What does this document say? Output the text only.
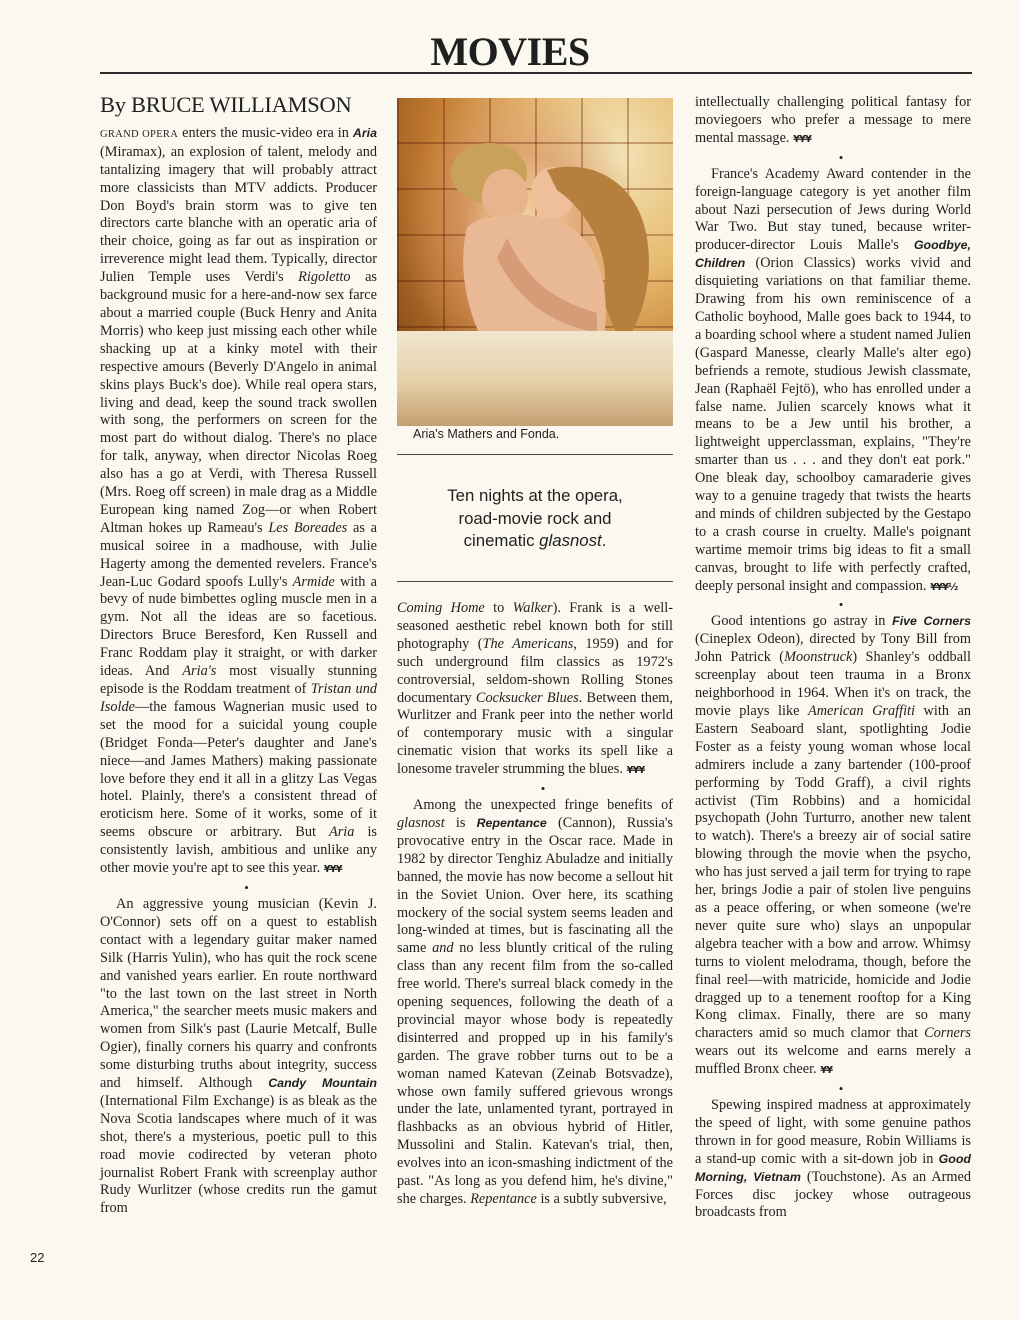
MOVIES
By BRUCE WILLIAMSON

GRAND OPERA enters the music-video era in Aria (Miramax), an explosion of talent, melody and tantalizing imagery that will probably attract more classicists than MTV addicts. Producer Don Boyd's brain storm was to give ten directors carte blanche with an operatic aria of their choice, going as far out as inspiration or irreverence might lead them. Typically, director Julien Temple uses Verdi's Rigoletto as background music for a here-and-now sex farce about a married couple (Buck Henry and Anita Morris) who keep just missing each other while shacking up at a kinky motel with their respective amours (Beverly D'Angelo in animal skins plays Buck's doe). While real opera stars, living and dead, keep the sound track swollen with song, the performers on screen for the most part do without dialog. There's no place for talk, anyway, when director Nicolas Roeg also has a go at Verdi, with Theresa Russell (Mrs. Roeg off screen) in male drag as a Middle European king named Zog—or when Robert Altman hokes up Rameau's Les Boreades as a musical soiree in a madhouse, with Julie Hagerty among the demented revelers. France's Jean-Luc Godard spoofs Lully's Armide with a bevy of nude bimbettes ogling muscle men in a gym. Not all the ideas are so facetious. Directors Bruce Beresford, Ken Russell and Franc Roddam play it straight, or with darker ideas. And Aria's most visually stunning episode is the Roddam treatment of Tristan und Isolde—the famous Wagnerian music used to set the mood for a suicidal young couple (Bridget Fonda—Peter's daughter and Jane's niece—and James Mathers) making passionate love before they end it all in a glitzy Las Vegas hotel. Plainly, there's a consistent thread of eroticism here. Some of it works, some of it seems obscure or arbitrary. But Aria is consistently lavish, ambitious and unlike any other movie you're apt to see this year. ¥¥¥

•

An aggressive young musician (Kevin J. O'Connor) sets off on a quest to establish contact with a legendary guitar maker named Silk (Harris Yulin), who has quit the rock scene and vanished years earlier. En route northward "to the last town on the last street in North America," the searcher meets music makers and women from Silk's past (Laurie Metcalf, Bulle Ogier), finally corners his quarry and confronts some disturbing truths about integrity, success and himself. Although Candy Mountain (International Film Exchange) is as bleak as the Nova Scotia landscapes where much of it was shot, there's a mysterious, poetic pull to this road movie codirected by veteran photo journalist Robert Frank with screenplay author Rudy Wurlitzer (whose credits run the gamut from

Aria's Mathers and Fonda.

Ten nights at the opera,
road-movie rock and
cinematic glasnost.

Coming Home to Walker). Frank is a well-seasoned aesthetic rebel known both for still photography (The Americans, 1959) and for such underground film classics as 1972's controversial, seldom-shown Rolling Stones documentary Cocksucker Blues. Between them, Wurlitzer and Frank peer into the nether world of contemporary music with a singular cinematic vision that works its spell like a lonesome traveler strumming the blues. ¥¥¥

•

Among the unexpected fringe benefits of glasnost is Repentance (Cannon), Russia's provocative entry in the Oscar race. Made in 1982 by director Tenghiz Abuladze and initially banned, the movie has now become a sellout hit in the Soviet Union. Over here, its scathing mockery of the social system seems leaden and long-winded at times, but is fascinating all the same and no less bluntly critical of the ruling class than any recent film from the so-called free world. There's surreal black comedy in the opening sequences, following the death of a provincial mayor whose body is repeatedly disinterred and propped up in his family's garden. The grave robber turns out to be a woman named Katevan (Zeinab Botsvadze), whose own family suffered grievous wrongs under the late, unlamented tyrant, portrayed in flashbacks as an obvious hybrid of Hitler, Mussolini and Stalin. Katevan's trial, then, evolves into an icon-smashing indictment of the past. "As long as you defend him, he's divine," she charges. Repentance is a subtly subversive,

intellectually challenging political fantasy for moviegoers who prefer a message to mere mental massage. ¥¥¥

•

France's Academy Award contender in the foreign-language category is yet another film about Nazi persecution of Jews during World War Two. But stay tuned, because writer-producer-director Louis Malle's Goodbye, Children (Orion Classics) works vivid and disquieting variations on that familiar theme. Drawing from his own reminiscence of a Catholic boyhood, Malle goes back to 1944, to a boarding school where a student named Julien (Gaspard Manesse, clearly Malle's alter ego) befriends a remote, studious Jewish classmate, Jean (Raphaël Fejtö), who has enrolled under a false name. Julien scarcely knows what it means to be a Jew until his brother, a lightweight upperclassman, explains, "They're smarter than us . . . and they don't eat pork." One bleak day, schoolboy camaraderie gives way to a genuine tragedy that twists the hearts and minds of children subjected by the Gestapo to a crash course in cruelty. Malle's poignant wartime memoir trims big ideas to fit a small canvas, brought to life with perfectly crafted, deeply personal insight and compassion. ¥¥¥½

•

Good intentions go astray in Five Corners (Cineplex Odeon), directed by Tony Bill from John Patrick (Moonstruck) Shanley's oddball screenplay about teen trauma in a Bronx neighborhood in 1964. When it's on track, the movie plays like American Graffiti with an Eastern Seaboard slant, spotlighting Jodie Foster as a feisty young woman whose local admirers include a zany bartender (100-proof performing by Todd Graff), a civil rights activist (Tim Robbins) and a homicidal psychopath (John Turturro, another new talent to watch). There's a breezy air of social satire blowing through the movie when the psycho, who has just served a jail term for trying to rape her, brings Jodie a pair of stolen live penguins as a peace offering, or when someone (we're never quite sure who) slays an unpopular algebra teacher with a bow and arrow. Whimsy turns to violent melodrama, though, before the final reel—with matricide, homicide and Jodie dragged up to a tenement rooftop for a King Kong climax. Finally, there are so many characters amid so much clamor that Corners wears out its welcome and earns merely a muffled Bronx cheer. ¥¥

•

Spewing inspired madness at approximately the speed of light, with some genuine pathos thrown in for good measure, Robin Williams is a stand-up comic with a sit-down job in Good Morning, Vietnam (Touchstone). As an Armed Forces disc jockey whose outrageous broadcasts from

22
